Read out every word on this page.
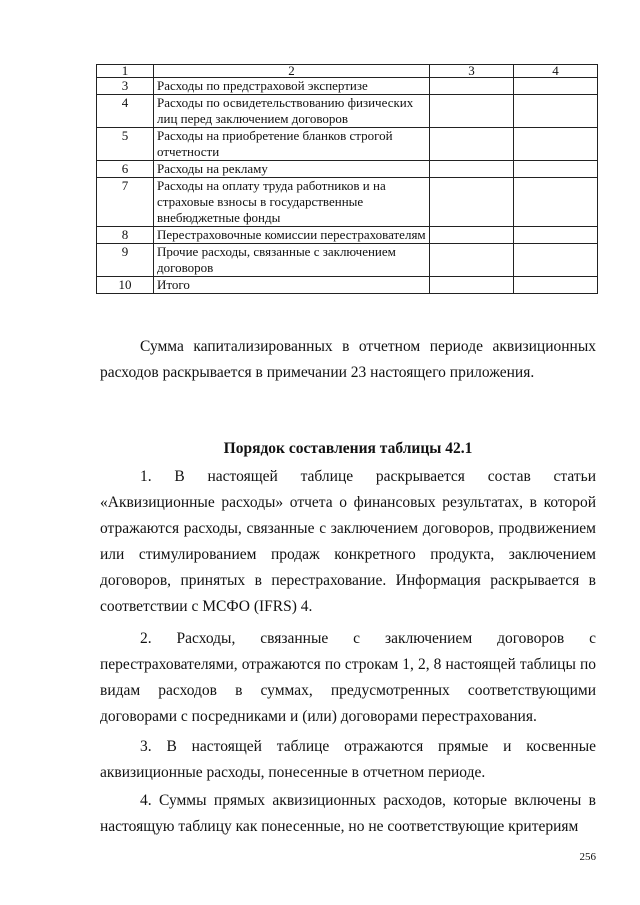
1	2	3	4
3	Расходы по предстраховой экспертизе		
4	Расходы по освидетельствованию физических лиц перед заключением договоров		
5	Расходы на приобретение бланков строгой отчетности		
6	Расходы на рекламу		
7	Расходы на оплату труда работников и на страховые взносы в государственные внебюджетные фонды		
8	Перестраховочные комиссии перестрахователям		
9	Прочие расходы, связанные с заключением договоров		
10	Итого		

Сумма капитализированных в отчетном периоде аквизиционных расходов раскрывается в примечании 23 настоящего приложения.

Порядок составления таблицы 42.1

1. В настоящей таблице раскрывается состав статьи «Аквизиционные расходы» отчета о финансовых результатах, в которой отражаются расходы, связанные с заключением договоров, продвижением или стимулированием продаж конкретного продукта, заключением договоров, принятых в перестрахование. Информация раскрывается в соответствии с МСФО (IFRS) 4.

2. Расходы, связанные с заключением договоров с перестрахователями, отражаются по строкам 1, 2, 8 настоящей таблицы по видам расходов в суммах, предусмотренных соответствующими договорами с посредниками и (или) договорами перестрахования.

3. В настоящей таблице отражаются прямые и косвенные аквизиционные расходы, понесенные в отчетном периоде.

4. Суммы прямых аквизиционных расходов, которые включены в настоящую таблицу как понесенные, но не соответствующие критериям

256
